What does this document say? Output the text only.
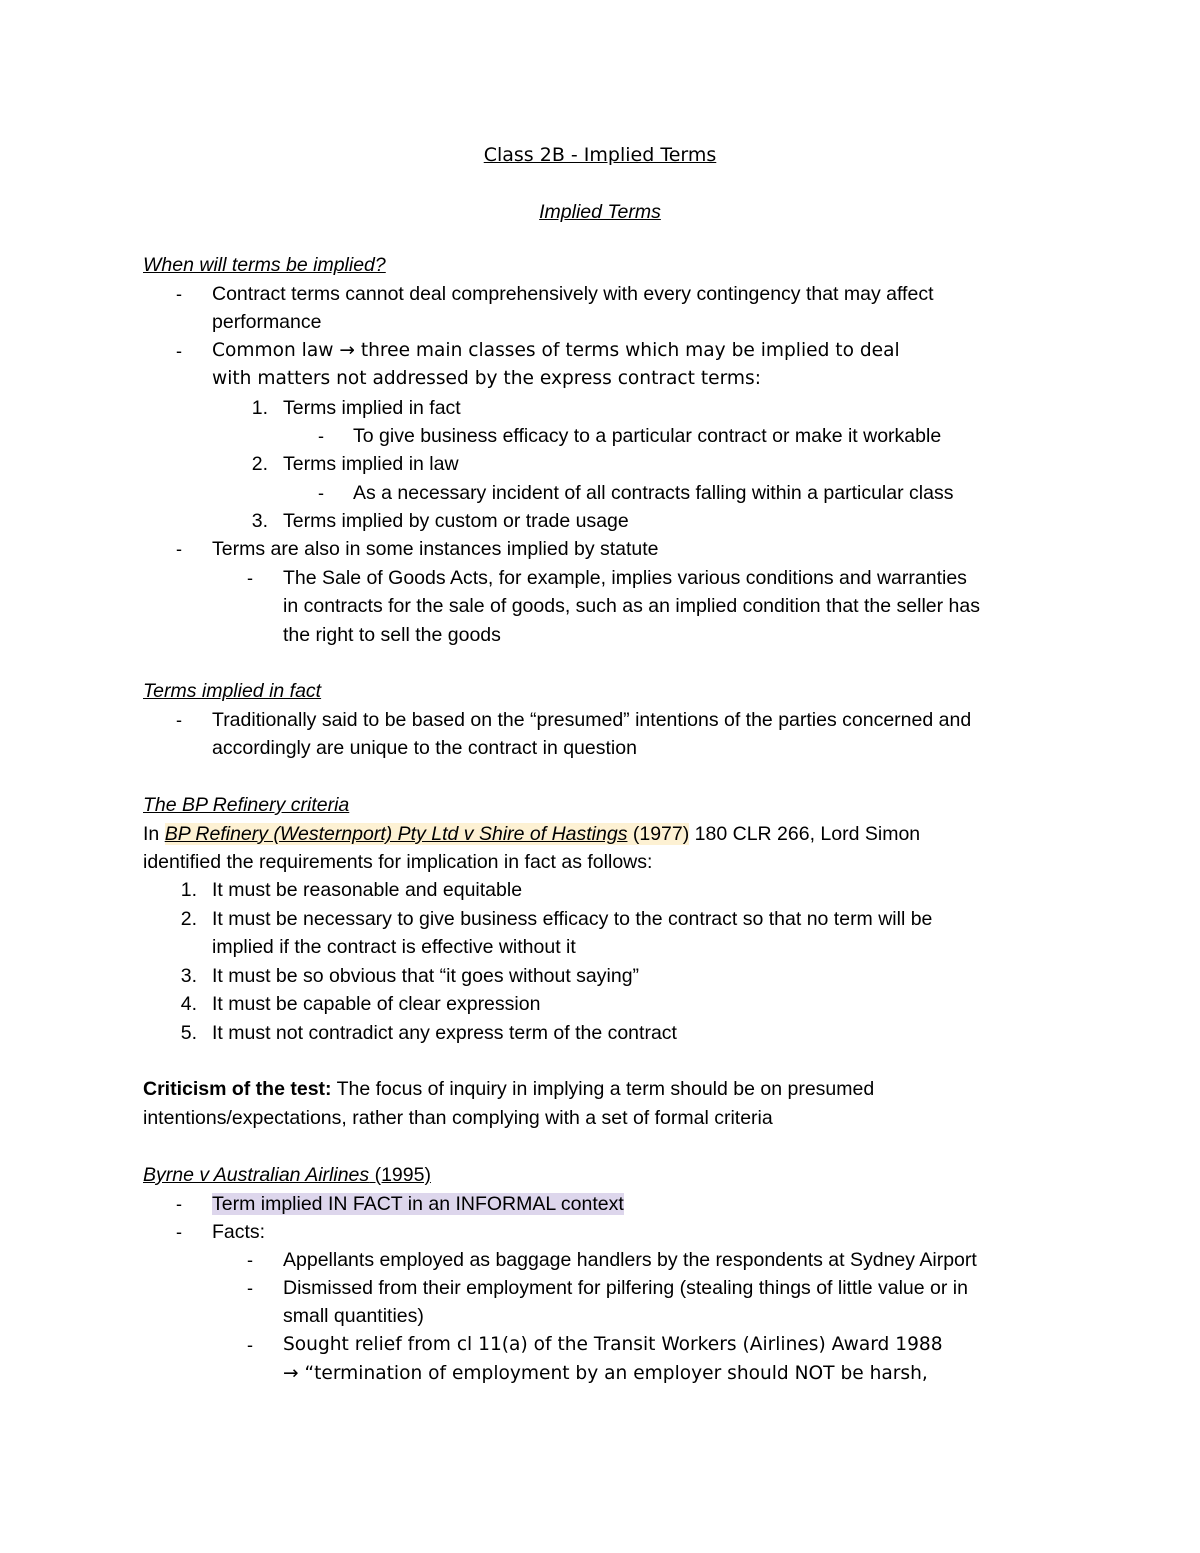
Class 2B - Implied Terms
Implied Terms
When will terms be implied?
- Contract terms cannot deal comprehensively with every contingency that may affect
performance
- Common law → three main classes of terms which may be implied to deal
with matters not addressed by the express contract terms:
1. Terms implied in fact
- To give business efficacy to a particular contract or make it workable
2. Terms implied in law
- As a necessary incident of all contracts falling within a particular class
3. Terms implied by custom or trade usage
- Terms are also in some instances implied by statute
- The Sale of Goods Acts, for example, implies various conditions and warranties
in contracts for the sale of goods, such as an implied condition that the seller has
the right to sell the goods
Terms implied in fact
- Traditionally said to be based on the “presumed” intentions of the parties concerned and
accordingly are unique to the contract in question
The BP Refinery criteria
In BP Refinery (Westernport) Pty Ltd v Shire of Hastings (1977) 180 CLR 266, Lord Simon
identified the requirements for implication in fact as follows:
1. It must be reasonable and equitable
2. It must be necessary to give business efficacy to the contract so that no term will be
implied if the contract is effective without it
3. It must be so obvious that “it goes without saying”
4. It must be capable of clear expression
5. It must not contradict any express term of the contract
Criticism of the test: The focus of inquiry in implying a term should be on presumed
intentions/expectations, rather than complying with a set of formal criteria
Byrne v Australian Airlines (1995)
- Term implied IN FACT in an INFORMAL context
- Facts:
- Appellants employed as baggage handlers by the respondents at Sydney Airport
- Dismissed from their employment for pilfering (stealing things of little value or in
small quantities)
- Sought relief from cl 11(a) of the Transit Workers (Airlines) Award 1988
→ “termination of employment by an employer should NOT be harsh,
